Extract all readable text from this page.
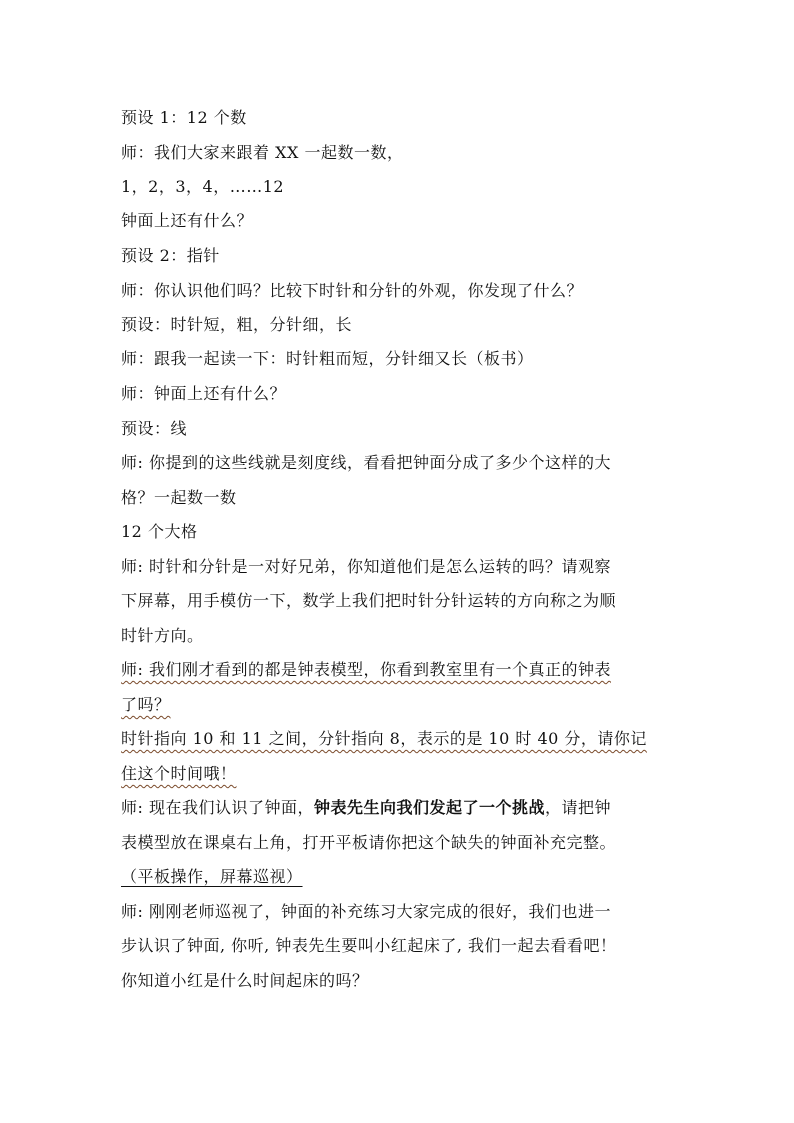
预设 1：12 个数
师：我们大家来跟着 XX 一起数一数，
1，2，3，4，……12
钟面上还有什么？
预设 2：指针
师：你认识他们吗？比较下时针和分针的外观，你发现了什么？
预设：时针短，粗，分针细，长
师：跟我一起读一下：时针粗而短，分针细又长（板书）
师：钟面上还有什么？
预设：线
师: 你提到的这些线就是刻度线，看看把钟面分成了多少个这样的大
格？一起数一数
12 个大格
师: 时针和分针是一对好兄弟，你知道他们是怎么运转的吗？请观察
下屏幕，用手模仿一下，数学上我们把时针分针运转的方向称之为顺
时针方向。
师: 我们刚才看到的都是钟表模型，你看到教室里有一个真正的钟表
了吗？
时针指向 10 和 11 之间，分针指向 8，表示的是 10 时 40 分，请你记
住这个时间哦！
师: 现在我们认识了钟面，钟表先生向我们发起了一个挑战，请把钟
表模型放在课桌右上角，打开平板请你把这个缺失的钟面补充完整。
（平板操作，屏幕巡视）
师: 刚刚老师巡视了，钟面的补充练习大家完成的很好，我们也进一
步认识了钟面, 你听, 钟表先生要叫小红起床了, 我们一起去看看吧！
你知道小红是什么时间起床的吗？
